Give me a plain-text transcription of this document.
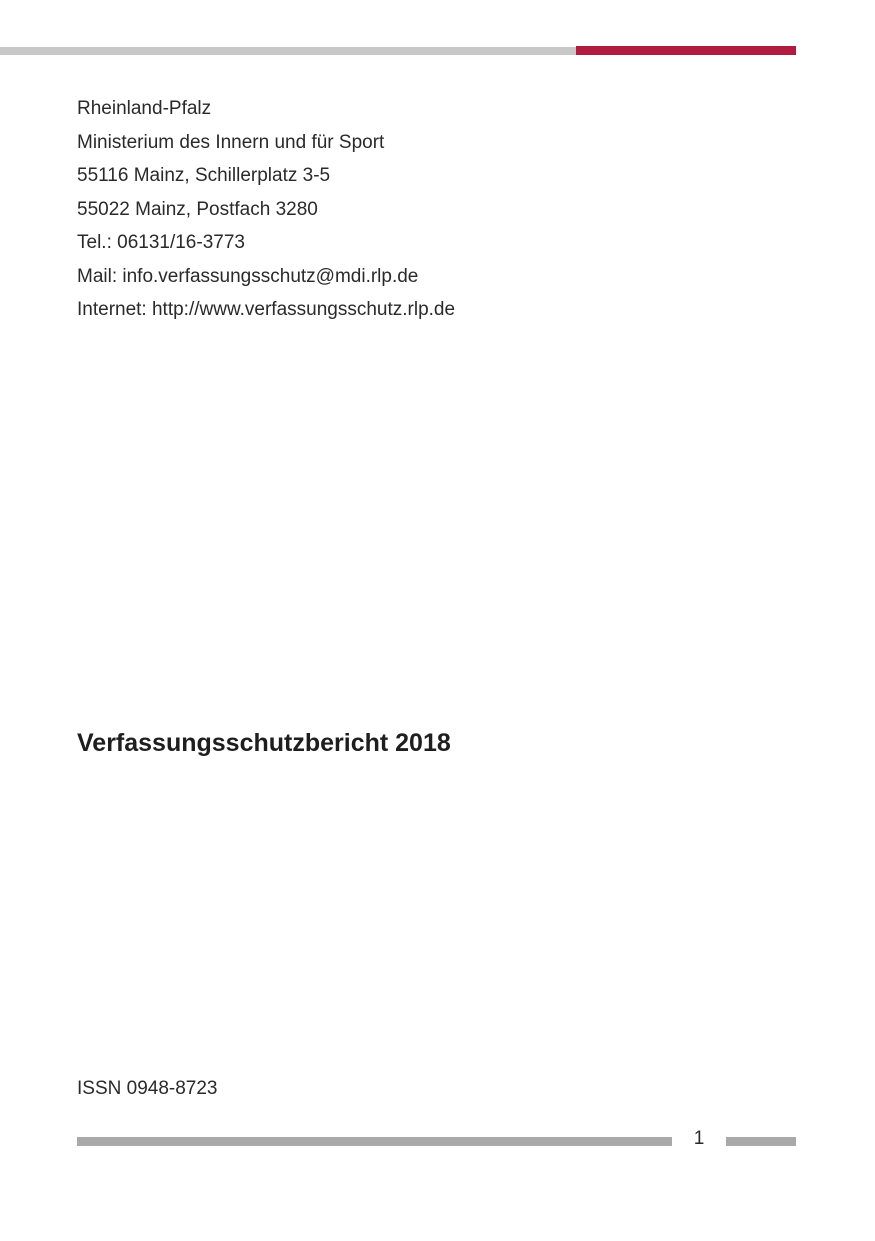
Rheinland-Pfalz
Ministerium des Innern und für Sport
55116 Mainz, Schillerplatz 3-5
55022 Mainz, Postfach 3280
Tel.: 06131/16-3773
Mail: info.verfassungsschutz@mdi.rlp.de
Internet: http://www.verfassungsschutz.rlp.de
Verfassungsschutzbericht 2018
ISSN 0948-8723
1
